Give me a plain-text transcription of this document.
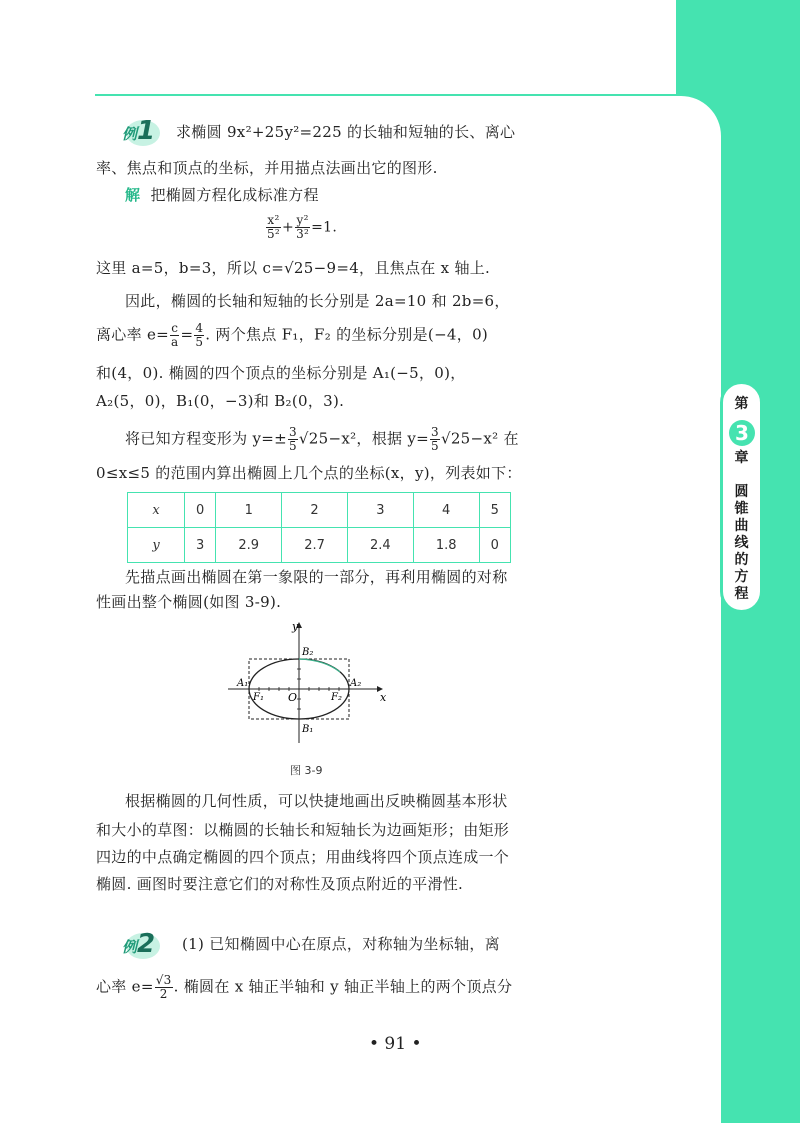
第
3
章
圆
锥
曲
线
的
方
程
例1 求椭圆 9x²+25y²=225 的长轴和短轴的长、离心
率、焦点和顶点的坐标，并用描点法画出它的图形.
解 把椭圆方程化成标准方程
$\frac{\text{x²}}{\text{5²}} + \frac{\text{y²}}{\text{3²}} =1$.
这里 a=5，b=3，所以 c=√25−9=4，且焦点在 x 轴上.
因此，椭圆的长轴和短轴的长分别是 2a=10 和 2b=6，
离心率 $e= \frac{c}{a} = \frac{4}{5}$ . 两个焦点 F₁，F₂ 的坐标分别是(−4，0)
和(4，0). 椭圆的四个顶点的坐标分别是 A₁(−5，0)，
A₂(5，0)，B₁(0，−3)和 B₂(0，3).
将已知方程变形为 $y=\pm \frac{3}{5} √25-x^2$，根据 $y= \frac{3}{5} √25-x^2$ 在
0≤x≤5 的范围内算出椭圆上几个点的坐标(x，y)，列表如下：
x	0	1	2	3	4	5
y	3	2.9	2.7	2.4	1.8	0
先描点画出椭圆在第一象限的一部分，再利用椭圆的对称
性画出整个椭圆(如图 3-9).
y
x
O
B₂
B₁
A₁	A₂
F₁	F₂
图 3-9
根据椭圆的几何性质，可以快捷地画出反映椭圆基本形状
和大小的草图：以椭圆的长轴长和短轴长为边画矩形；由矩形
四边的中点确定椭圆的四个顶点；用曲线将四个顶点连成一个
椭圆. 画图时要注意它们的对称性及顶点附近的平滑性.
例2 (1) 已知椭圆中心在原点，对称轴为坐标轴，离
心率 $e= \frac{√3}{2}$ . 椭圆在 x 轴正半轴和 y 轴正半轴上的两个顶点分
• 91 •
